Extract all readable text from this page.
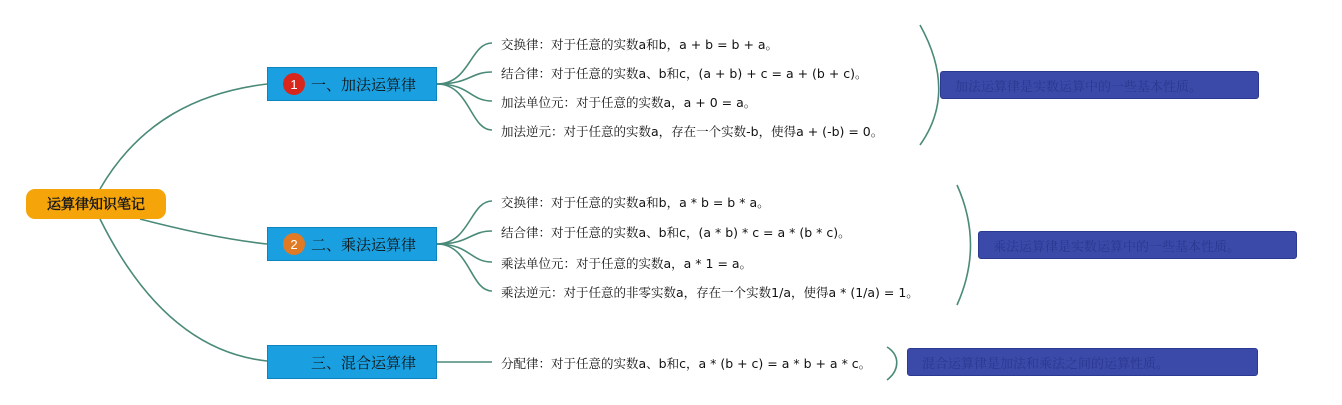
运算律知识笔记
1 一、加法运算律
交换律：对于任意的实数a和b，a + b = b + a。
结合律：对于任意的实数a、b和c，(a + b) + c = a + (b + c)。
加法单位元：对于任意的实数a，a + 0 = a。
加法逆元：对于任意的实数a，存在一个实数-b，使得a + (-b) = 0。
加法运算律是实数运算中的一些基本性质。
2 二、乘法运算律
交换律：对于任意的实数a和b，a * b = b * a。
结合律：对于任意的实数a、b和c，(a * b) * c = a * (b * c)。
乘法单位元：对于任意的实数a，a * 1 = a。
乘法逆元：对于任意的非零实数a，存在一个实数1/a，使得a * (1/a) = 1。
乘法运算律是实数运算中的一些基本性质。
三、混合运算律	分配律：对于任意的实数a、b和c，a * (b + c) = a * b + a * c。	混合运算律是加法和乘法之间的运算性质。
